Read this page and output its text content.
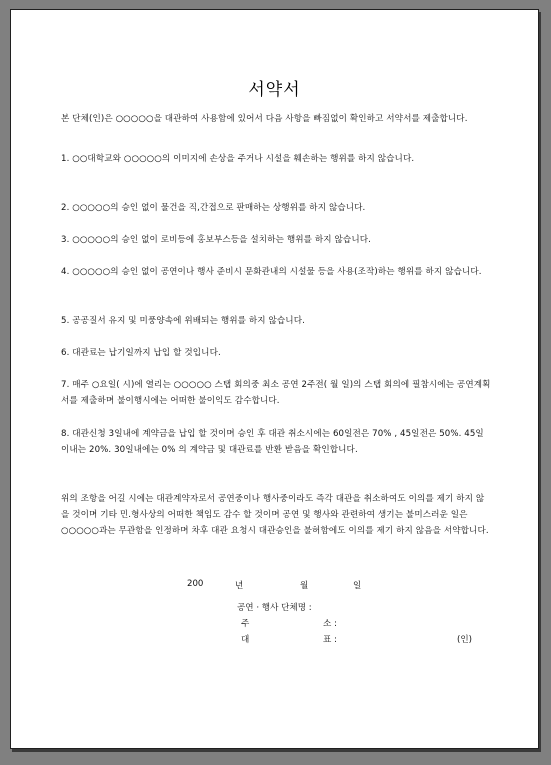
서약서
본 단체(인)은 ○○○○○을 대관하여 사용함에 있어서 다음 사항을 빠짐없이 확인하고 서약서를 제출합니다.
1. ○○대학교와 ○○○○○의 이미지에 손상을 주거나 시설을 훼손하는 행위를 하지 않습니다.
2. ○○○○○의 승인 없이 물건을 직,간접으로 판매하는 상행위를 하지 않습니다.
3. ○○○○○의 승인 없이 로비등에 홍보부스등을 설치하는 행위를 하지 않습니다.
4. ○○○○○의 승인 없이 공연이나 행사 준비시 문화관내의 시설물 등을 사용(조작)하는 행위를 하지 않습니다.
5. 공공질서 유지 및 미풍양속에 위배되는 행위를 하지 않습니다.
6. 대관료는 납기일까지 납입 할 것입니다.
7. 매주 ○요일( 시)에 열리는 ○○○○○ 스탭 회의중 최소 공연 2주전( 월 일)의 스탭 회의에 필참시에는 공연계획서를 제출하며 불이행시에는 어떠한 불이익도 감수합니다.
8. 대관신청 3일내에 계약금을 납입 할 것이며 승인 후 대관 취소시에는 60일전은 70% , 45일전은 50%. 45일 이내는 20%. 30일내에는 0% 의 계약금 및 대관료를 반환 받음을 확인합니다.
위의 조항을 어길 시에는 대관계약자로서 공연중이나 행사중이라도 즉각 대관을 취소하여도 이의를 제기 하지 않을 것이며 기타 민.형사상의 어떠한 책임도 감수 할 것이며 공연 및 행사와 관련하여 생기는 불미스러운 일은 ○○○○○과는 무관함을 인정하며 차후 대관 요청시 대관승인을 불허함에도 이의를 제기 하지 않음을 서약합니다.
200	년	월	일
공연 · 행사 단체명 :
주	소 :
대	표 :	(인)
